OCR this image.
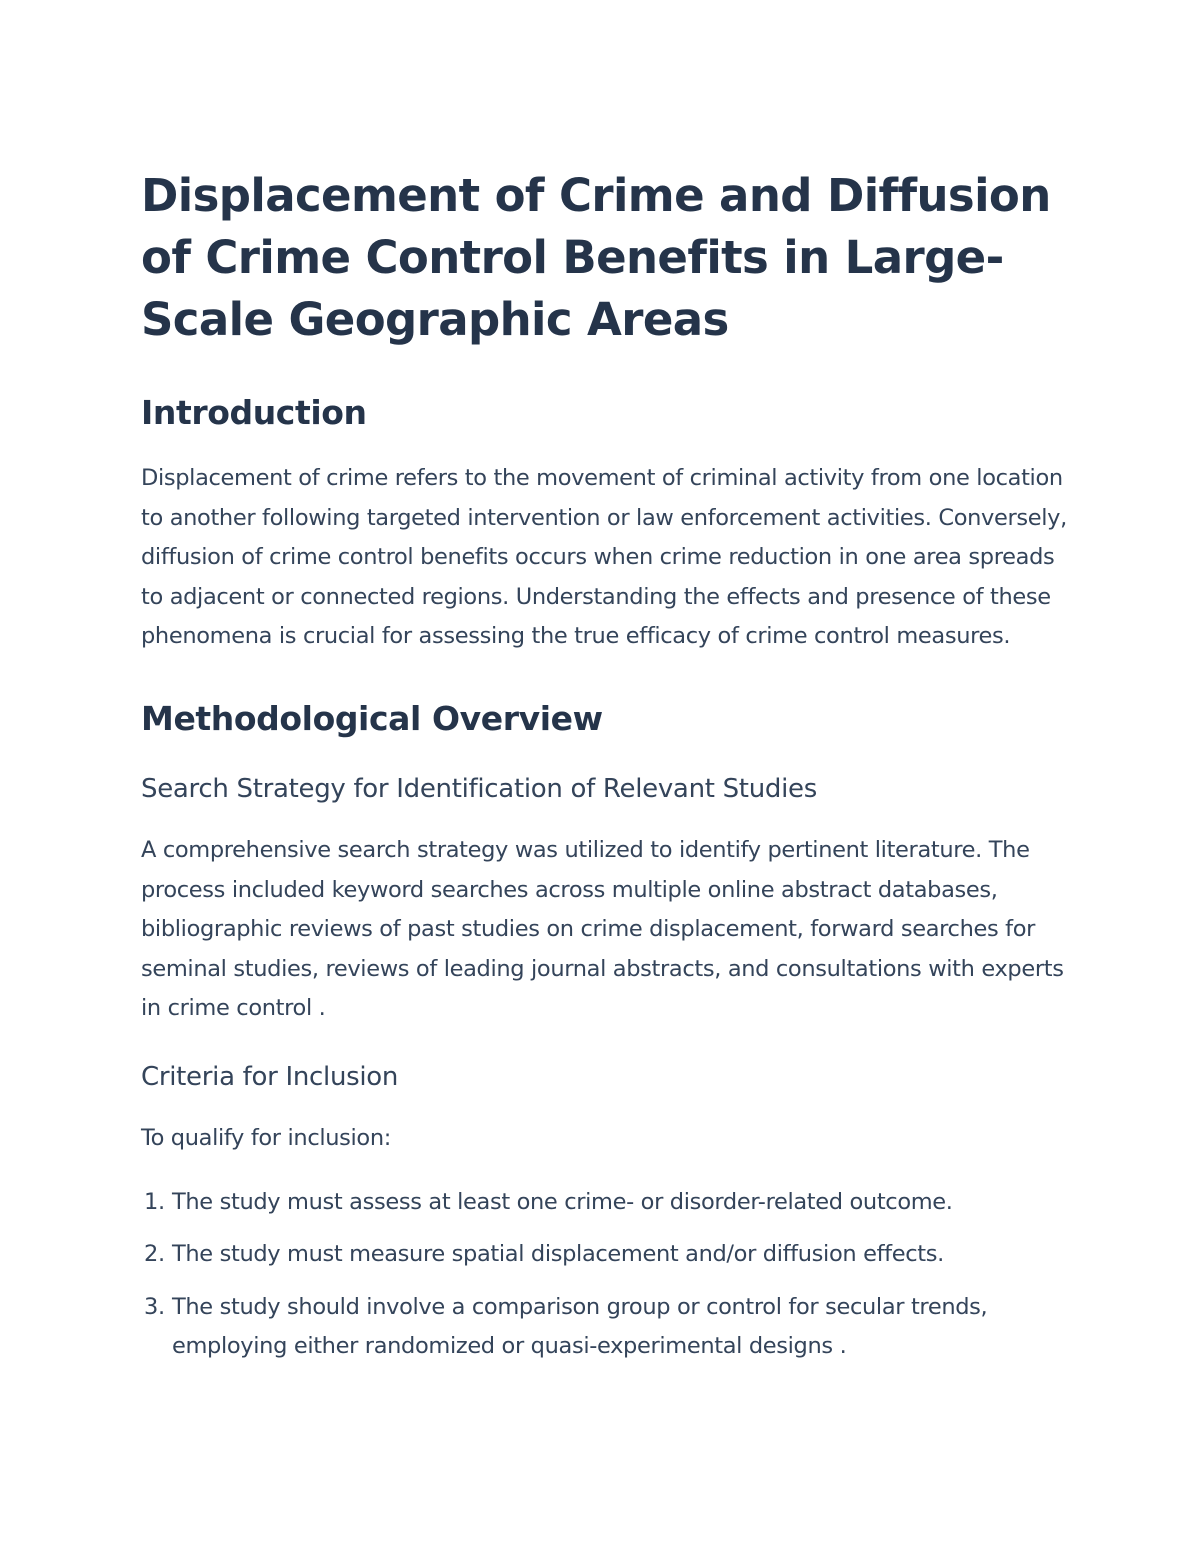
Displacement of Crime and Diffusion of Crime Control Benefits in Large-Scale Geographic Areas
Introduction

Displacement of crime refers to the movement of criminal activity from one location to another following targeted intervention or law enforcement activities. Conversely, diffusion of crime control benefits occurs when crime reduction in one area spreads to adjacent or connected regions. Understanding the effects and presence of these phenomena is crucial for assessing the true efficacy of crime control measures.

Methodological Overview
Search Strategy for Identification of Relevant Studies

A comprehensive search strategy was utilized to identify pertinent literature. The process included keyword searches across multiple online abstract databases, bibliographic reviews of past studies on crime displacement, forward searches for seminal studies, reviews of leading journal abstracts, and consultations with experts in crime control .

Criteria for Inclusion

To qualify for inclusion:

1. The study must assess at least one crime- or disorder-related outcome.
2. The study must measure spatial displacement and/or diffusion effects.
3. The study should involve a comparison group or control for secular trends, employing either randomized or quasi-experimental designs .
